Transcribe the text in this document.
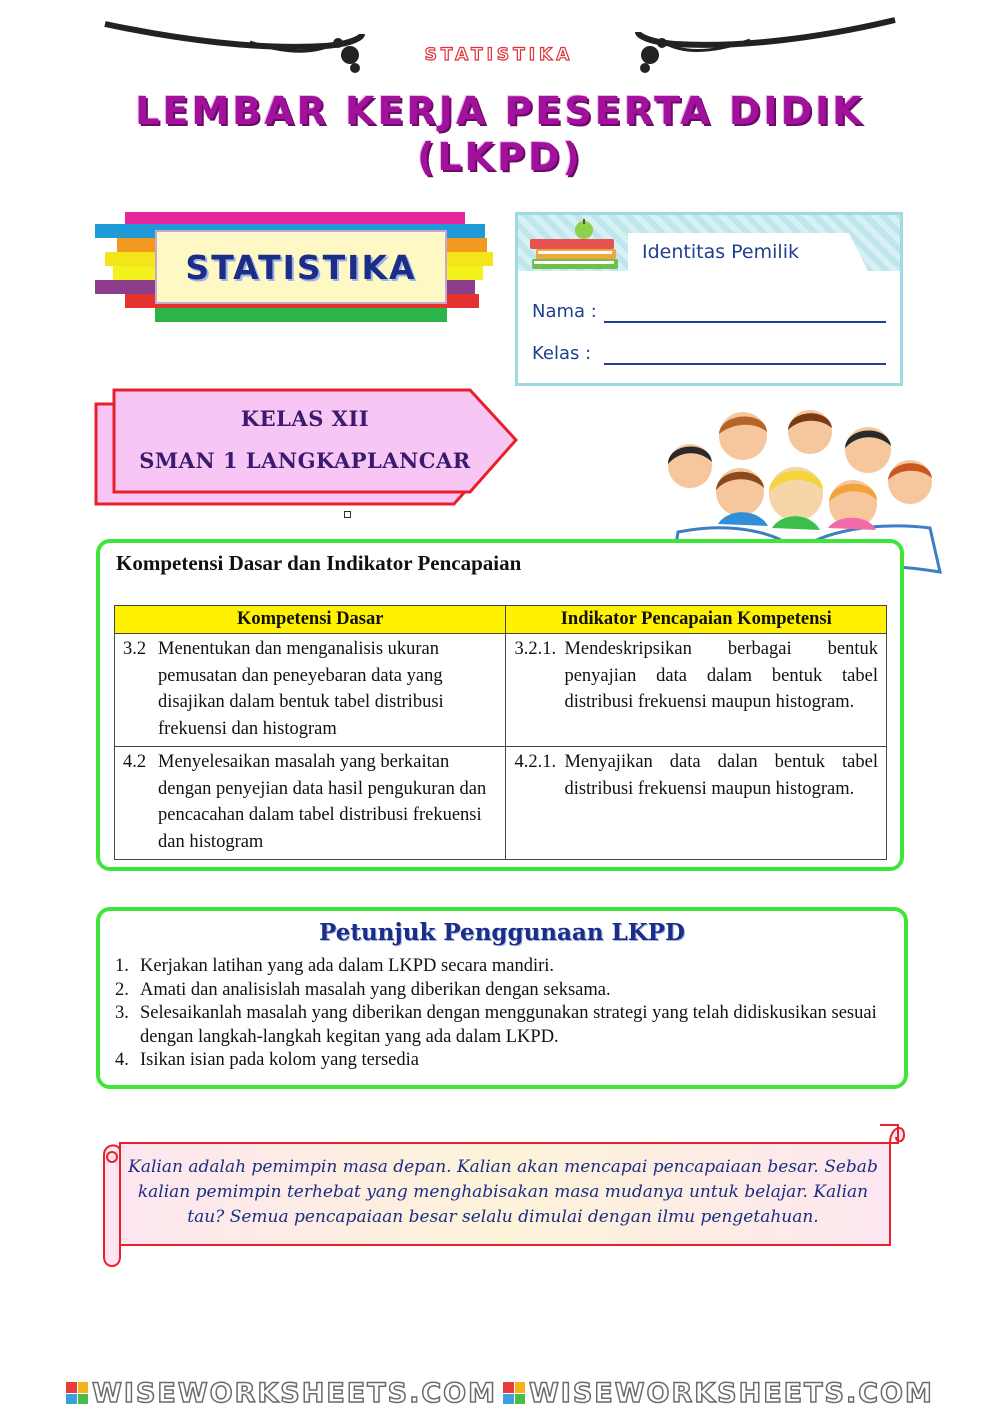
STATISTIKA
LEMBAR KERJA PESERTA DIDIK
(LKPD)
STATISTIKA	Identitas Pemilik
Nama :
Kelas :
KELAS XII
SMAN 1 LANGKAPLANCAR
Kompetensi Dasar dan Indikator Pencapaian
Kompetensi Dasar	Indikator Pencapaian Kompetensi

3.2 Menentukan dan menganalisis ukuran pemusatan dan peneyebaran data yang disajikan dalam bentuk tabel distribusi frekuensi dan histogram	3.2.1. Mendeskripsikan berbagai bentuk penyajian data dalam bentuk tabel distribusi frekuensi maupun histogram.

4.2 Menyelesaikan masalah yang berkaitan dengan penyejian data hasil pengukuran dan pencacahan dalam tabel distribusi frekuensi dan histogram	4.2.1. Menyajikan data dalan bentuk tabel distribusi frekuensi maupun histogram.
Petunjuk Penggunaan LKPD
1. Kerjakan latihan yang ada dalam LKPD secara mandiri.
2. Amati dan analisislah masalah yang diberikan dengan seksama.
3. Selesaikanlah masalah yang diberikan dengan menggunakan strategi yang telah didiskusikan sesuai dengan langkah-langkah kegitan yang ada dalam LKPD.
4. Isikan isian pada kolom yang tersedia
Kalian adalah pemimpin masa depan. Kalian akan mencapai pencapaiaan besar. Sebab kalian pemimpin terhebat yang menghabisakan masa mudanya untuk belajar. Kalian tau? Semua pencapaiaan besar selalu dimulai dengan ilmu pengetahuan.
WISEWORKSHEETS.COM WISEWORKSHEETS.COM
